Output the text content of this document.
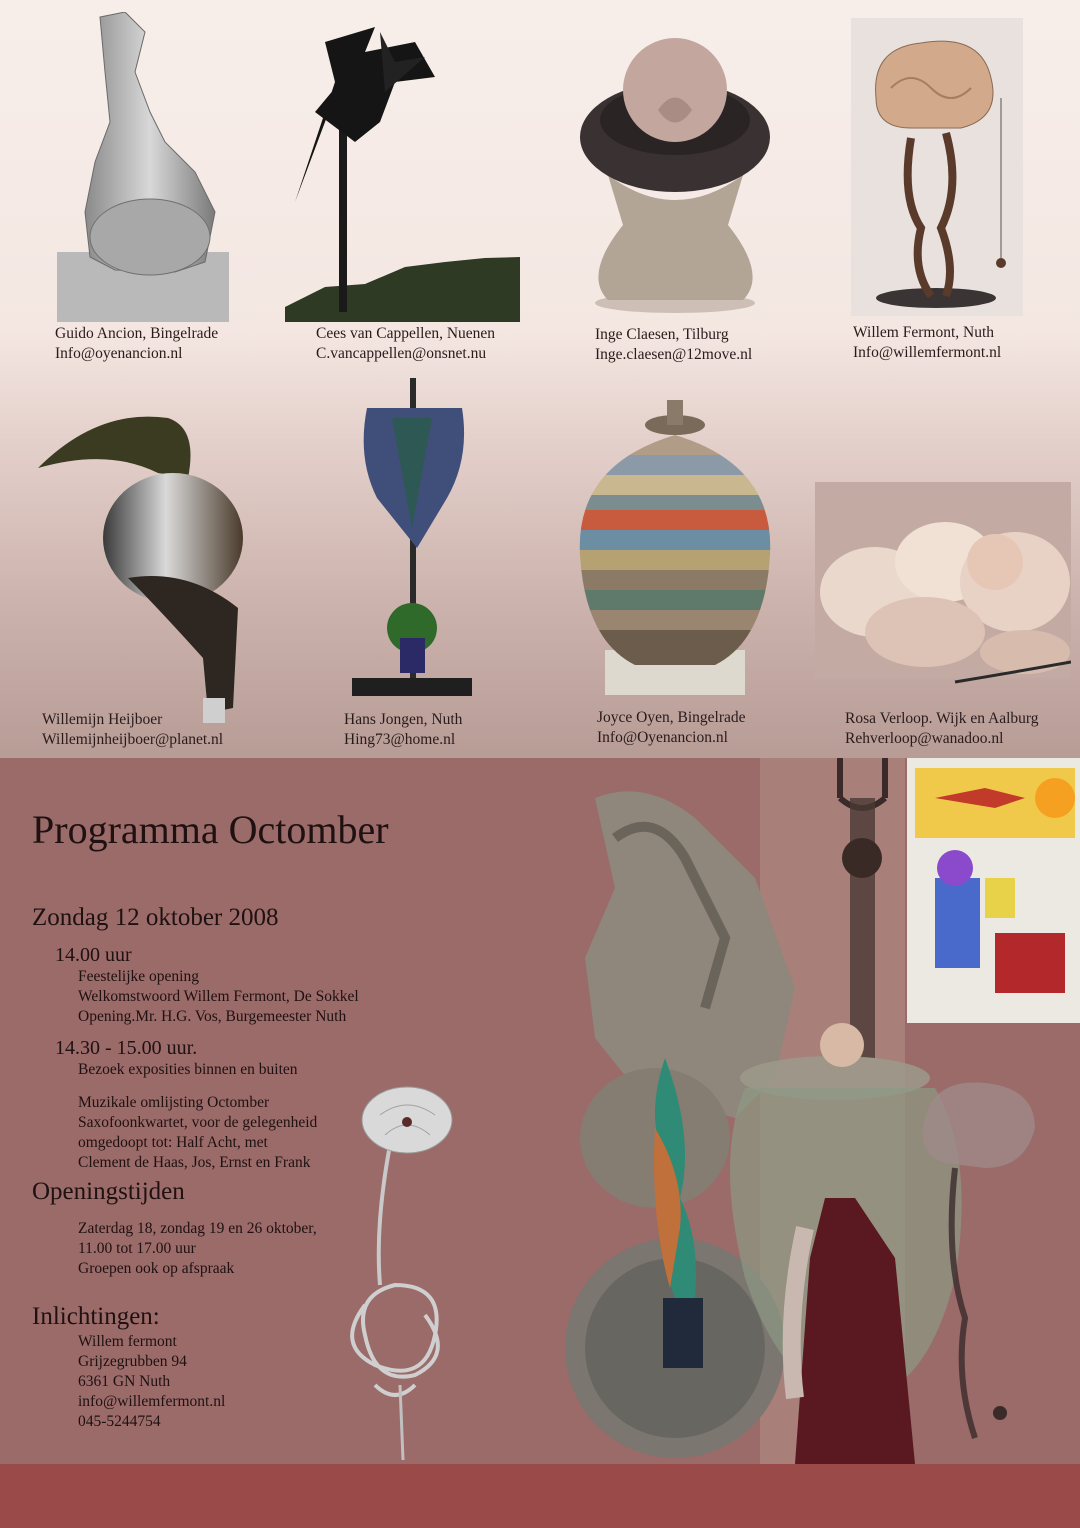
Guido Ancion, Bingelrade
Info@oyenancion.nl
Cees van Cappellen, Nuenen
C.vancappellen@onsnet.nu
Inge Claesen, Tilburg
Inge.claesen@12move.nl
Willem Fermont, Nuth
Info@willemfermont.nl
Willemijn Heijboer
Willemijnheijboer@planet.nl
Hans Jongen, Nuth
Hing73@home.nl
Joyce Oyen, Bingelrade
Info@Oyenancion.nl
Rosa Verloop. Wijk en Aalburg
Rehverloop@wanadoo.nl
Programma Octomber
Zondag 12 oktober 2008
14.00 uur
Feestelijke opening
Welkomstwoord Willem Fermont, De Sokkel
Opening.Mr. H.G. Vos, Burgemeester Nuth
14.30 - 15.00 uur.
Bezoek exposities binnen en buiten
Muzikale omlijsting Octomber
Saxofoonkwartet, voor de gelegenheid
omgedoopt tot: Half Acht, met
Clement de Haas, Jos, Ernst en Frank
Openingstijden
Zaterdag 18, zondag 19 en 26 oktober,
11.00 tot 17.00 uur
Groepen ook op afspraak
Inlichtingen:
Willem fermont
Grijzegrubben 94
6361 GN Nuth
info@willemfermont.nl
045-5244754
